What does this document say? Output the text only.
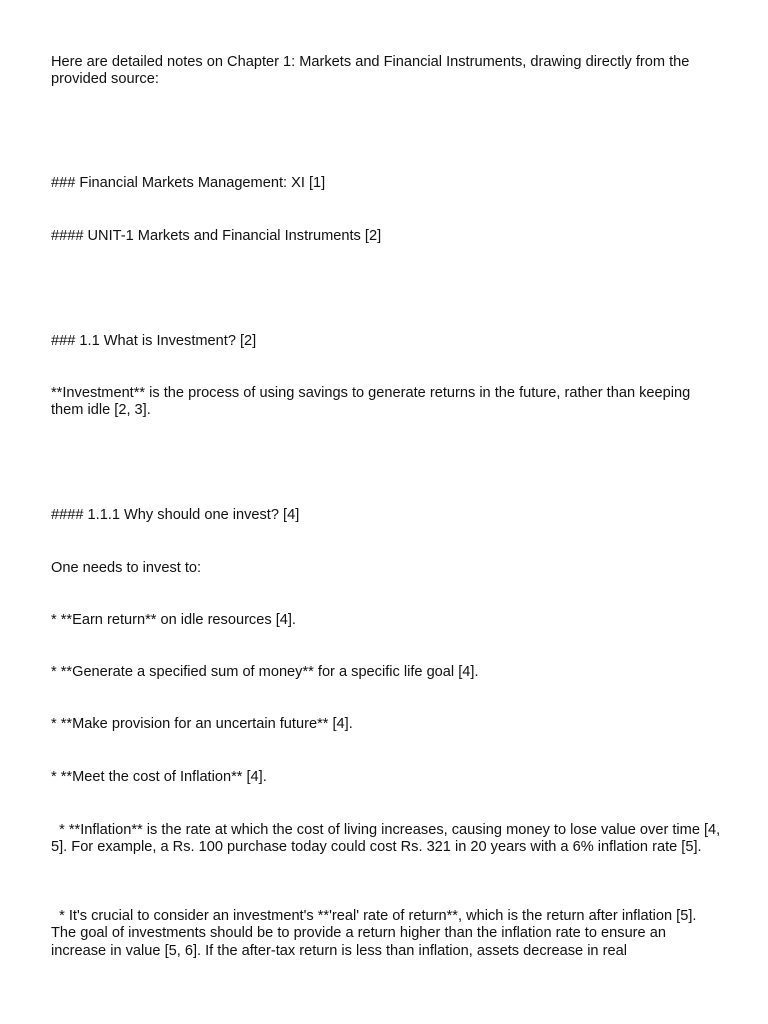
Here are detailed notes on Chapter 1: Markets and Financial Instruments, drawing directly from the provided source:

### Financial Markets Management: XI [1]

#### UNIT-1 Markets and Financial Instruments [2]

### 1.1 What is Investment? [2]

**Investment** is the process of using savings to generate returns in the future, rather than keeping them idle [2, 3].

#### 1.1.1 Why should one invest? [4]

One needs to invest to:

* **Earn return** on idle resources [4].

* **Generate a specified sum of money** for a specific life goal [4].

* **Make provision for an uncertain future** [4].

* **Meet the cost of Inflation** [4].

* **Inflation** is the rate at which the cost of living increases, causing money to lose value over time [4, 5]. For example, a Rs. 100 purchase today could cost Rs. 321 in 20 years with a 6% inflation rate [5].

* It's crucial to consider an investment's **'real' rate of return**, which is the return after inflation [5]. The goal of investments should be to provide a return higher than the inflation rate to ensure an increase in value [5, 6]. If the after-tax return is less than inflation, assets decrease in real
